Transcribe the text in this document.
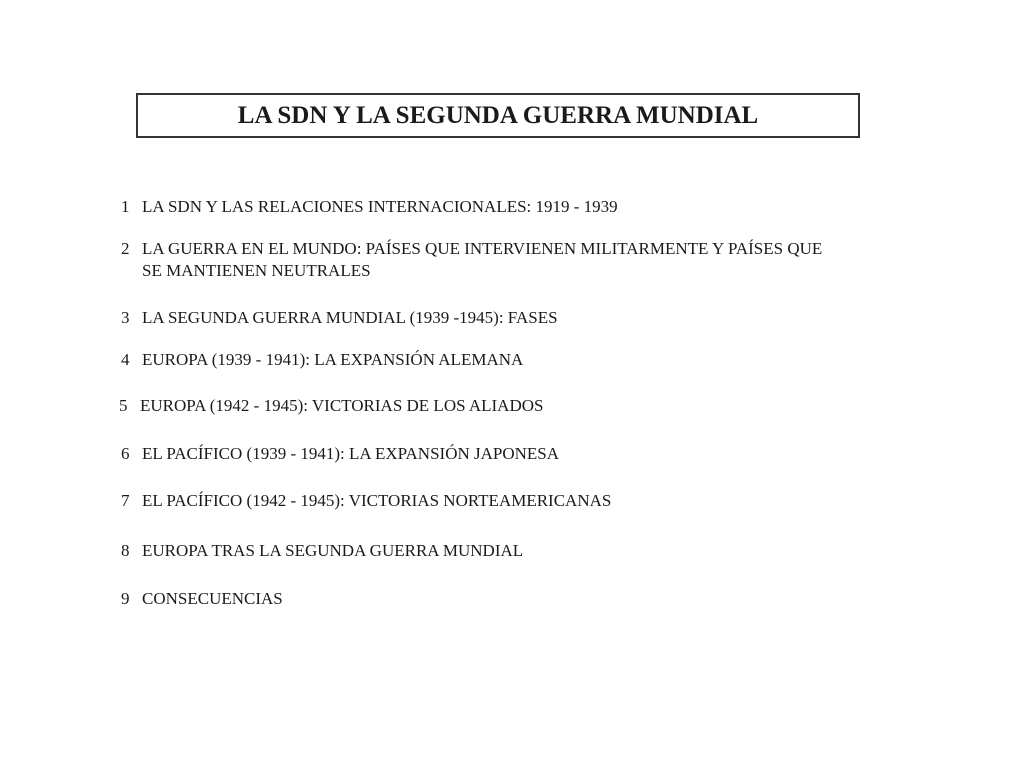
LA SDN Y LA SEGUNDA GUERRA MUNDIAL
1 LA SDN Y LAS RELACIONES INTERNACIONALES: 1919 - 1939
2 LA GUERRA EN EL MUNDO: PAÍSES QUE INTERVIENEN MILITARMENTE Y PAÍSES QUE
SE MANTIENEN NEUTRALES
3 LA SEGUNDA GUERRA MUNDIAL (1939 -1945): FASES
4 EUROPA (1939 - 1941): LA EXPANSIÓN ALEMANA
5 EUROPA (1942 - 1945): VICTORIAS DE LOS ALIADOS
6 EL PACÍFICO (1939 - 1941): LA EXPANSIÓN JAPONESA
7 EL PACÍFICO (1942 - 1945): VICTORIAS NORTEAMERICANAS
8 EUROPA TRAS LA SEGUNDA GUERRA MUNDIAL
9 CONSECUENCIAS
